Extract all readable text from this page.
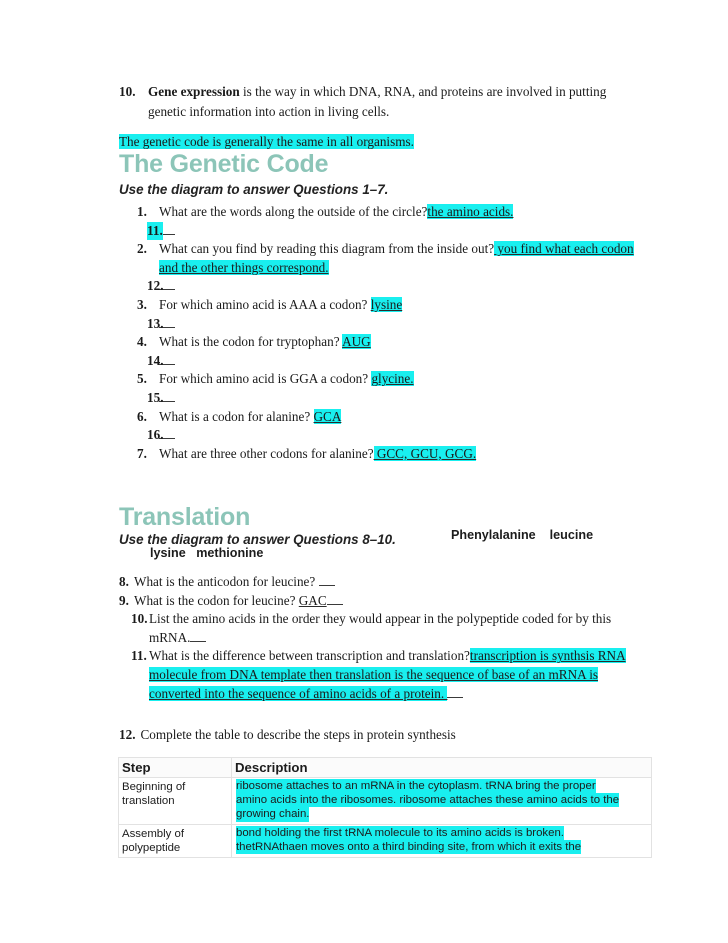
10. Gene expression is the way in which DNA, RNA, and proteins are involved in putting genetic information into action in living cells.
The genetic code is generally the same in all organisms.
The Genetic Code
Use the diagram to answer Questions 1–7.
1. What are the words along the outside of the circle?the amino acids.
11.
2. What can you find by reading this diagram from the inside out? you find what each codon and the other things correspond.
12.
3. For which amino acid is AAA a codon? lysine
13.
4. What is the codon for tryptophan? AUG
14.
5. For which amino acid is GGA a codon? glycine.
15.
6. What is a codon for alanine? GCA
16.
7. What are three other codons for alanine? GCC, GCU, GCG.
Translation
Use the diagram to answer Questions 8–10.	Phenylalanine    leucine
lysine   methionine
8. What is the anticodon for leucine?
9. What is the codon for leucine? GAC
10. List the amino acids in the order they would appear in the polypeptide coded for by this mRNA.
11. What is the difference between transcription and translation?transcription is synthsis RNA molecule from DNA template then translation is the sequence of base of an mRNA is converted into the sequence of amino acids of a protein.
12. Complete the table to describe the steps in protein synthesis
Step	Description
Beginning of translation	ribosome attaches to an mRNA in the cytoplasm. tRNA bring the proper
amino acids into the ribosomes. ribosome attaches these amino acids to the
growing chain.
Assembly of polypeptide	bond holding the first tRNA molecule to its amino acids is broken.
thetRNAthaen moves onto a third binding site, from which it exits the
